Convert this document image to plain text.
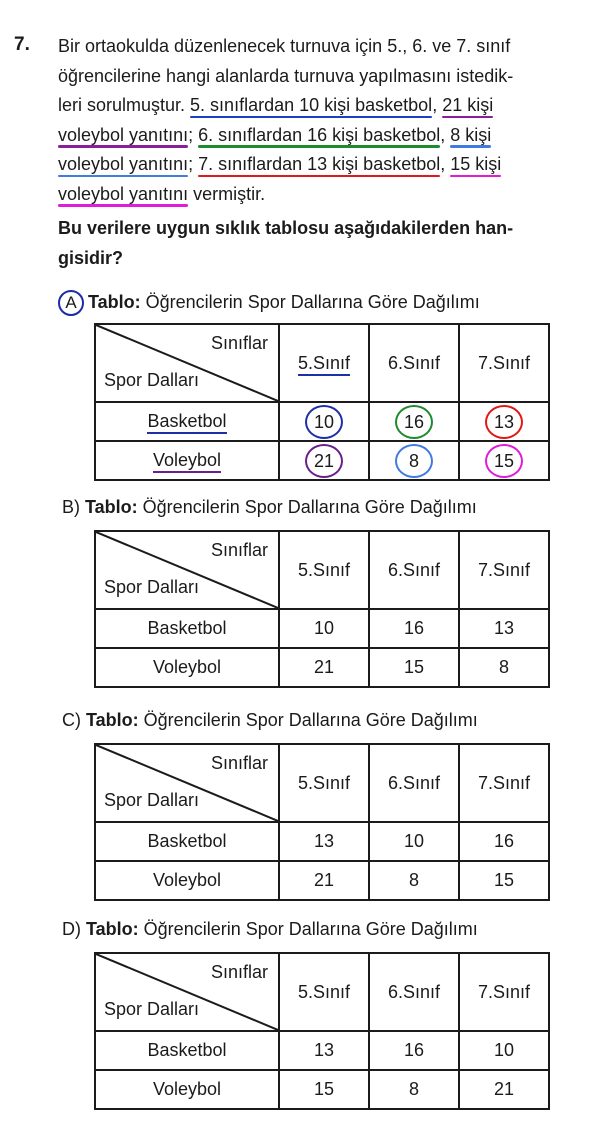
7. Bir ortaokulda düzenlenecek turnuva için 5., 6. ve 7. sınıf
öğrencilerine hangi alanlarda turnuva yapılmasını istedik-
leri sorulmuştur. 5. sınıflardan 10 kişi basketbol, 21 kişi
voleybol yanıtını; 6. sınıflardan 16 kişi basketbol, 8 kişi
voleybol yanıtını; 7. sınıflardan 13 kişi basketbol, 15 kişi
voleybol yanıtını vermiştir.
Bu verilere uygun sıklık tablosu aşağıdakilerden han-
gisidir?
A Tablo: Öğrencilerin Spor Dallarına Göre Dağılımı
Sınıflar
Spor Dalları	5.Sınıf	6.Sınıf	7.Sınıf
Basketbol	10	16	13
Voleybol	21	8	15
B) Tablo: Öğrencilerin Spor Dallarına Göre Dağılımı
Sınıflar
Spor Dalları	5.Sınıf	6.Sınıf	7.Sınıf
Basketbol	10	16	13
Voleybol	21	15	8
C) Tablo: Öğrencilerin Spor Dallarına Göre Dağılımı
Sınıflar
Spor Dalları	5.Sınıf	6.Sınıf	7.Sınıf
Basketbol	13	10	16
Voleybol	21	8	15
D) Tablo: Öğrencilerin Spor Dallarına Göre Dağılımı
Sınıflar
Spor Dalları	5.Sınıf	6.Sınıf	7.Sınıf
Basketbol	13	16	10
Voleybol	15	8	21
